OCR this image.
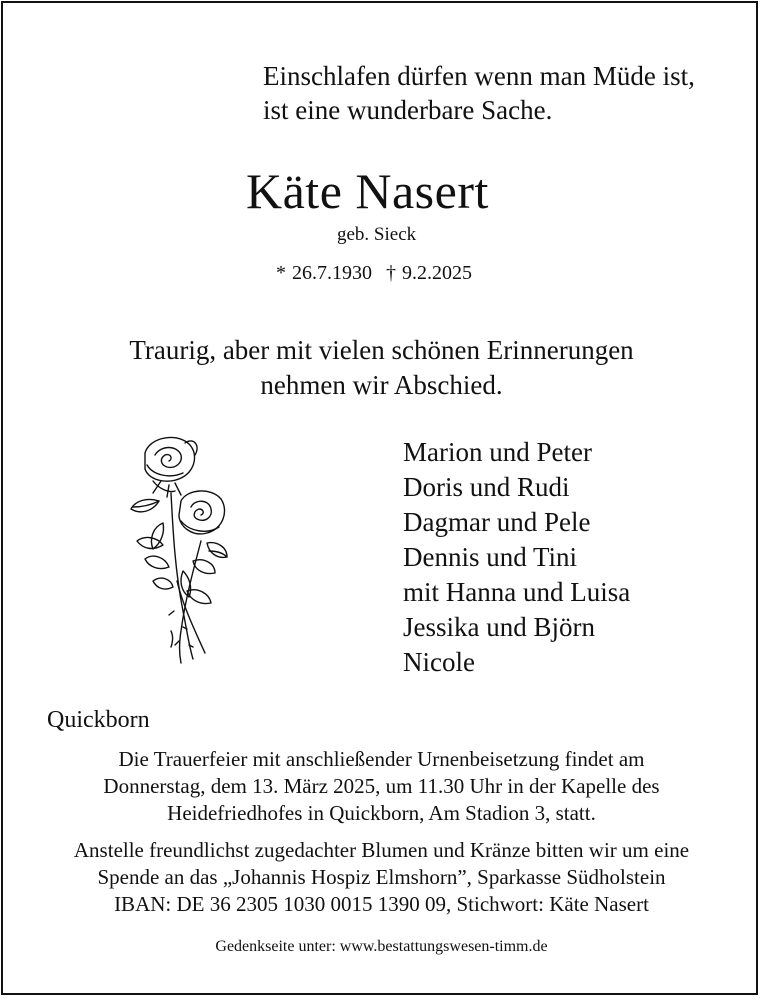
Einschlafen dürfen wenn man Müde ist,
ist eine wunderbare Sache.
Käte Nasert
geb. Sieck
* 26.7.1930 † 9.2.2025
Traurig, aber mit vielen schönen Erinnerungen
nehmen wir Abschied.
Marion und Peter
Doris und Rudi
Dagmar und Pele
Dennis und Tini
mit Hanna und Luisa
Jessika und Björn
Nicole
Quickborn
Die Trauerfeier mit anschließender Urnenbeisetzung findet am
Donnerstag, dem 13. März 2025, um 11.30 Uhr in der Kapelle des
Heidefriedhofes in Quickborn, Am Stadion 3, statt.
Anstelle freundlichst zugedachter Blumen und Kränze bitten wir um eine
Spende an das „Johannis Hospiz Elmshorn”, Sparkasse Südholstein
IBAN: DE 36 2305 1030 0015 1390 09, Stichwort: Käte Nasert
Gedenkseite unter: www.bestattungswesen-timm.de
